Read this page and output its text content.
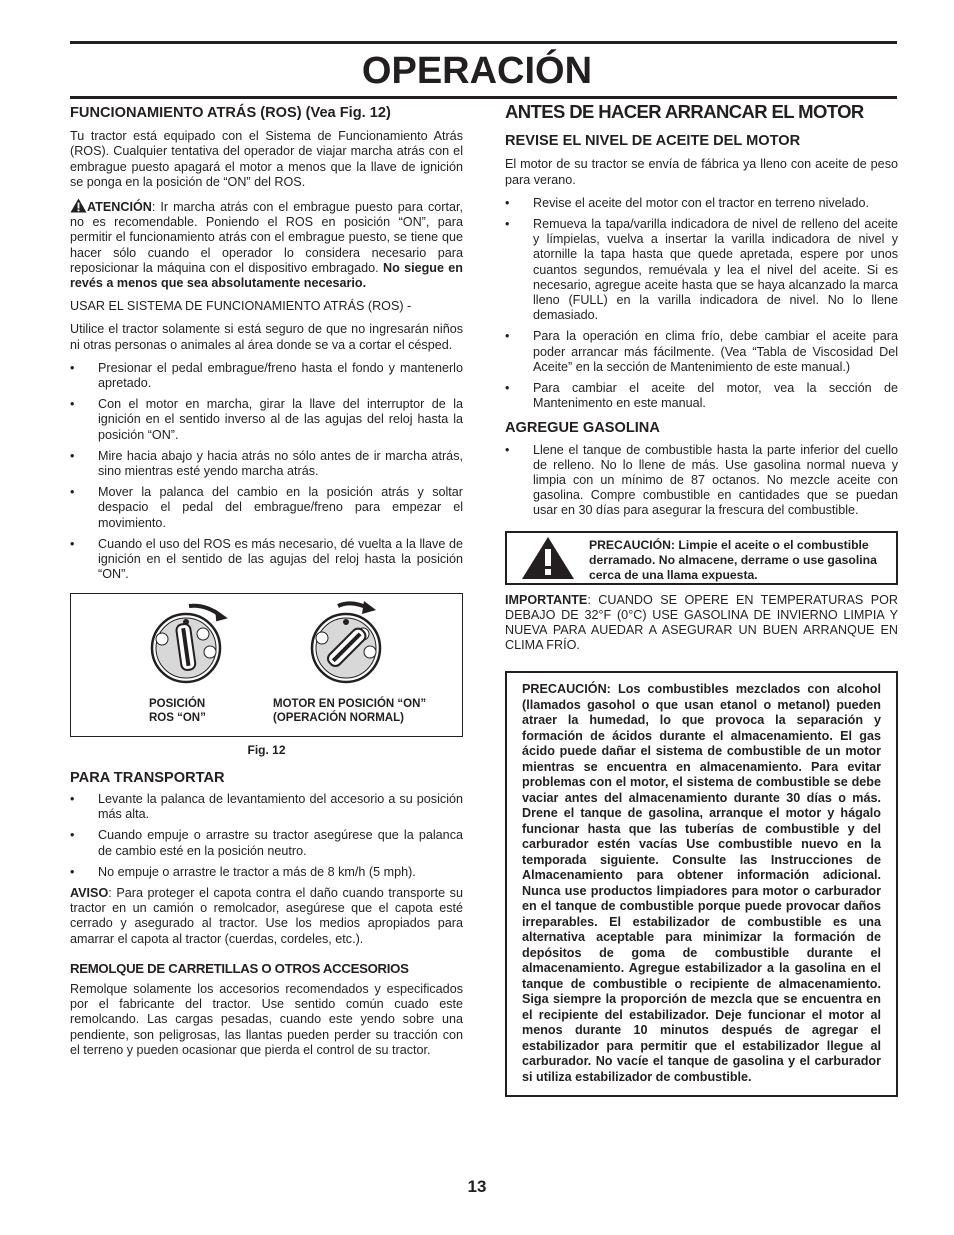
OPERACIÓN
FUNCIONAMIENTO ATRÁS (ROS) (Vea Fig. 12)

Tu tractor está equipado con el Sistema de Funcionamiento Atrás (ROS). Cualquier tentativa del operador de viajar marcha atrás con el embrague puesto apagará el motor a menos que la llave de ignición se ponga en la posición de “ON” del ROS.

ATENCIÓN: Ir marcha atrás con el embrague puesto para cortar, no es recomendable. Poniendo el ROS en posición “ON”, para permitir el funcionamiento atrás con el embrague puesto, se tiene que hacer sólo cuando el operador lo considera necesario para reposicionar la máquina con el dispositivo embragado. No siegue en revés a menos que sea absolutamente necesario.

USAR EL SISTEMA DE FUNCIONAMIENTO ATRÁS (ROS) -

Utilice el tractor solamente si está seguro de que no ingresarán niños ni otras personas o animales al área donde se va a cortar el césped.

• Presionar el pedal embrague/freno hasta el fondo y mantenerlo apretado.
• Con el motor en marcha, girar la llave del interruptor de la ignición en el sentido inverso al de las agujas del reloj hasta la posición “ON”.
• Mire hacia abajo y hacia atrás no sólo antes de ir marcha atrás, sino mientras esté yendo marcha atrás.
• Mover la palanca del cambio en la posición atrás y soltar despacio el pedal del embrague/freno para empezar el movimiento.
• Cuando el uso del ROS es más necesario, dé vuelta a la llave de ignición en el sentido de las agujas del reloj hasta la posición “ON”.
POSICIÓN
ROS “ON”
MOTOR EN POSICIÓN “ON”
(OPERACIÓN NORMAL)
Fig. 12
PARA TRANSPORTAR
• Levante la palanca de levantamiento del accesorio a su posición más alta.
• Cuando empuje o arrastre su tractor asegúrese que la palanca de cambio esté en la posición neutro.
• No empuje o arrastre le tractor a más de 8 km/h (5 mph).

AVISO: Para proteger el capota contra el daño cuando transporte su tractor en un camión o remolcador, asegúrese que el capota esté cerrado y asegurado al tractor. Use los medios apropiados para amarrar el capota al tractor (cuerdas, cordeles, etc.).

REMOLQUE DE CARRETILLAS O OTROS ACCESORIOS

Remolque solamente los accesorios recomendados y especificados por el fabricante del tractor. Use sentido común cuado este remolcando. Las cargas pesadas, cuando este yendo sobre una pendiente, son peligrosas, las llantas pueden perder su tracción con el terreno y pueden ocasionar que pierda el control de su tractor.

ANTES DE HACER ARRANCAR EL MOTOR
REVISE EL NIVEL DE ACEITE DEL MOTOR

El motor de su tractor se envía de fábrica ya lleno con aceite de peso para verano.

• Revise el aceite del motor con el tractor en terreno nivelado.
• Remueva la tapa/varilla indicadora de nivel de relleno del aceite y límpielas, vuelva a insertar la varilla indicadora de nivel y atornille la tapa hasta que quede apretada, espere por unos cuantos segundos, remuévala y lea el nivel del aceite. Si es necesario, agregue aceite hasta que se haya alcanzado la marca lleno (FULL) en la varilla indicadora de nivel. No lo llene demasiado.
• Para la operación en clima frío, debe cambiar el aceite para poder arrancar más fácilmente. (Vea “Tabla de Viscosidad Del Aceite” en la sección de Mantenimiento de este manual.)
• Para cambiar el aceite del motor, vea la sección de Mantenimento en este manual.
AGREGUE GASOLINA
• Llene el tanque de combustible hasta la parte inferior del cuello de relleno. No lo llene de más. Use gasolina normal nueva y limpia con un mínimo de 87 octanos. No mezcle aceite con gasolina. Compre combustible en cantidades que se puedan usar en 30 días para asegurar la frescura del combustible.
PRECAUCIÓN: Limpie el aceite o el combustible derramado. No almacene, derrame o use gasolina cerca de una llama expuesta.

IMPORTANTE: CUANDO SE OPERE EN TEMPERATURAS POR DEBAJO DE 32°F (0°C) USE GASOLINA DE INVIERNO LIMPIA Y NUEVA PARA AUEDAR A ASEGURAR UN BUEN ARRANQUE EN CLIMA FRÍO.

PRECAUCIÓN: Los combustibles mezclados con alcohol (llamados gasohol o que usan etanol o metanol) pueden atraer la humedad, lo que provoca la separación y formación de ácidos durante el almacenamiento. El gas ácido puede dañar el sistema de combustible de un motor mientras se encuentra en almacenamiento. Para evitar problemas con el motor, el sistema de combustible se debe vaciar antes del almacenamiento durante 30 días o más. Drene el tanque de gasolina, arranque el motor y hágalo funcionar hasta que las tuberías de combustible y del carburador estén vacías Use combustible nuevo en la temporada siguiente. Consulte las Instrucciones de Almacenamiento para obtener información adicional. Nunca use productos limpiadores para motor o carburador en el tanque de combustible porque puede provocar daños irreparables. El estabilizador de combustible es una alternativa aceptable para minimizar la formación de depósitos de goma de combustible durante el almacenamiento. Agregue estabilizador a la gasolina en el tanque de combustible o recipiente de almacenamiento. Siga siempre la proporción de mezcla que se encuentra en el recipiente del estabilizador. Deje funcionar el motor al menos durante 10 minutos después de agregar el estabilizador para permitir que el estabilizador llegue al carburador. No vacíe el tanque de gasolina y el carburador si utiliza estabilizador de combustible.
13
